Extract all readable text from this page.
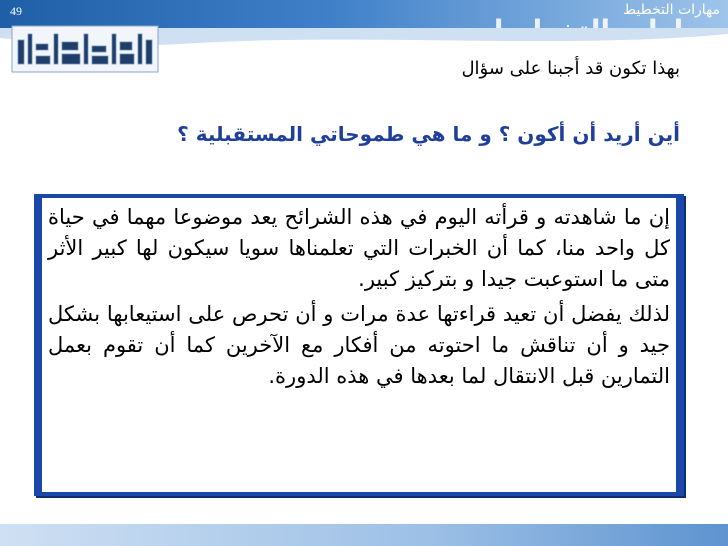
49	مهارات التخطيط
بهذا تكون قد أجبنا على سؤال
أين أريد أن أكون ؟ و ما هي طموحاتي المستقبلية ؟

إن ما شاهدته و قرأته اليوم في هذه الشرائح يعد موضوعا مهما في حياة كل واحد منا، كما أن الخبرات التي تعلمناها سويا سيكون لها كبير الأثر متى ما استوعبت جيدا و بتركيز كبير.

لذلك يفضل أن تعيد قراءتها عدة مرات و أن تحرص على استيعابها بشكل جيد و أن تناقش ما احتوته من أفكار مع الآخرين كما أن تقوم بعمل التمارين قبل الانتقال لما بعدها في هذه الدورة.
